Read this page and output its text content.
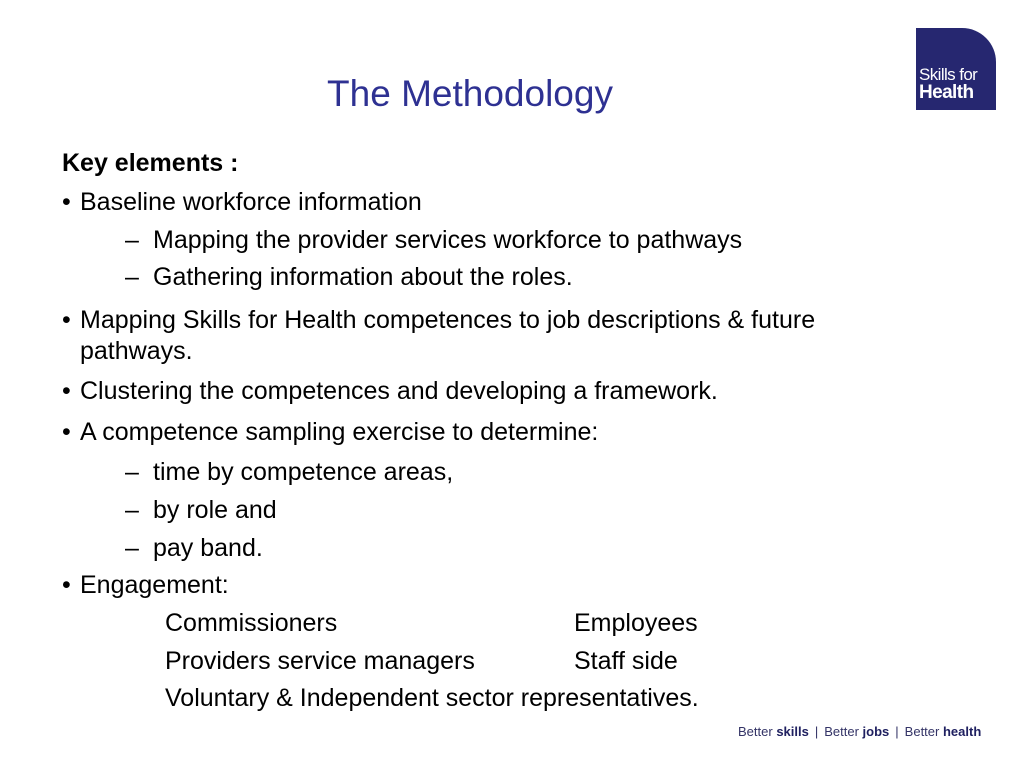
The Methodology	Skills for
Health
Key elements :
• Baseline workforce information
– Mapping the provider services workforce to pathways
– Gathering information about the roles.
• Mapping Skills for Health competences to job descriptions & future
pathways.
• Clustering the competences and developing a framework.
• A competence sampling exercise to determine:
– time by competence areas,
– by role and
– pay band.
• Engagement:
Commissioners	Employees
Providers service managers	Staff side
Voluntary & Independent sector representatives.
Better skills | Better jobs | Better health
